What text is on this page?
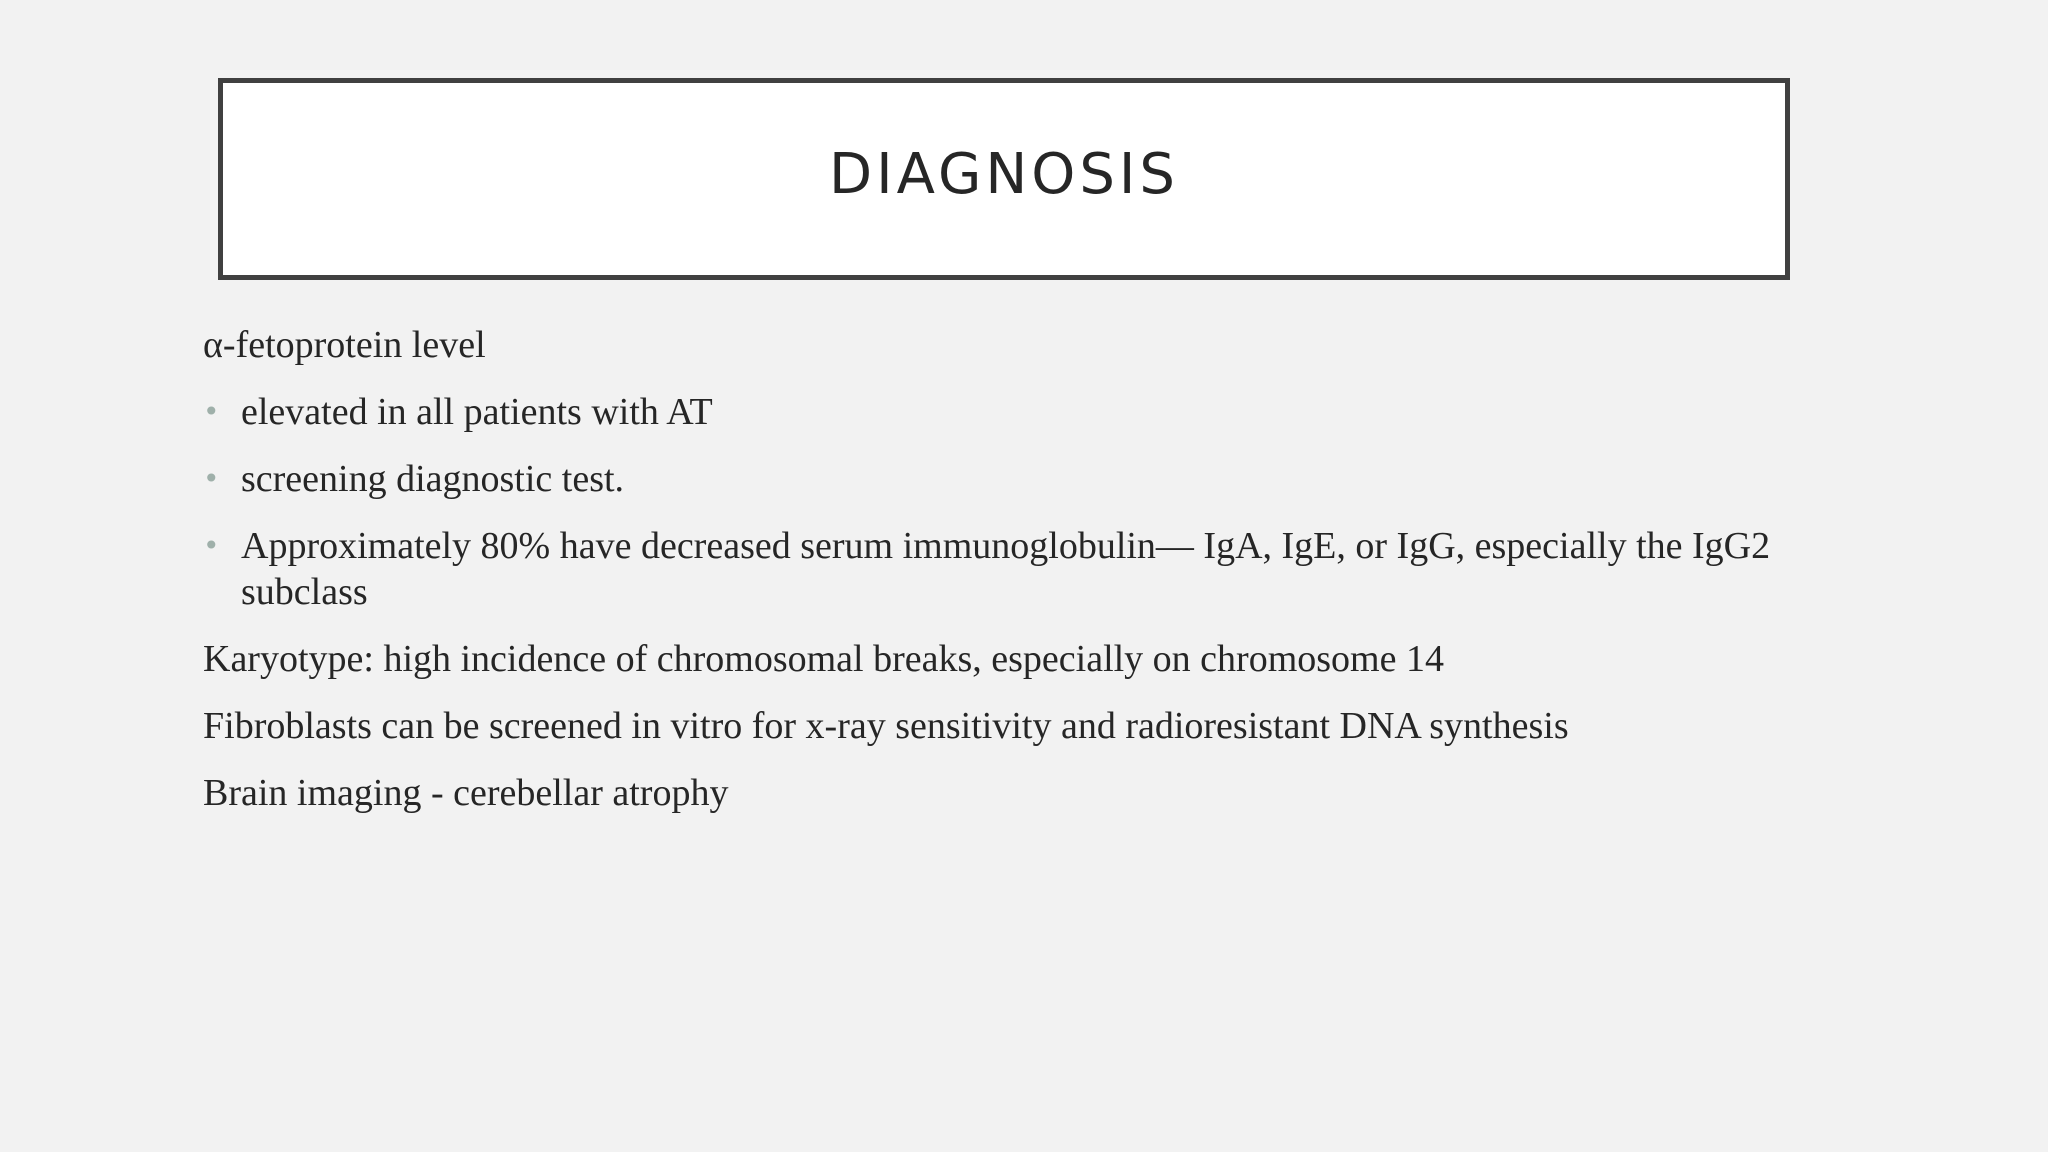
DIAGNOSIS

α-fetoprotein level

• elevated in all patients with AT
• screening diagnostic test.
• Approximately 80% have decreased serum immunoglobulin— IgA, IgE, or IgG, especially the IgG2 subclass

Karyotype: high incidence of chromosomal breaks, especially on chromosome 14

Fibroblasts can be screened in vitro for x-ray sensitivity and radioresistant DNA synthesis

Brain imaging - cerebellar atrophy
